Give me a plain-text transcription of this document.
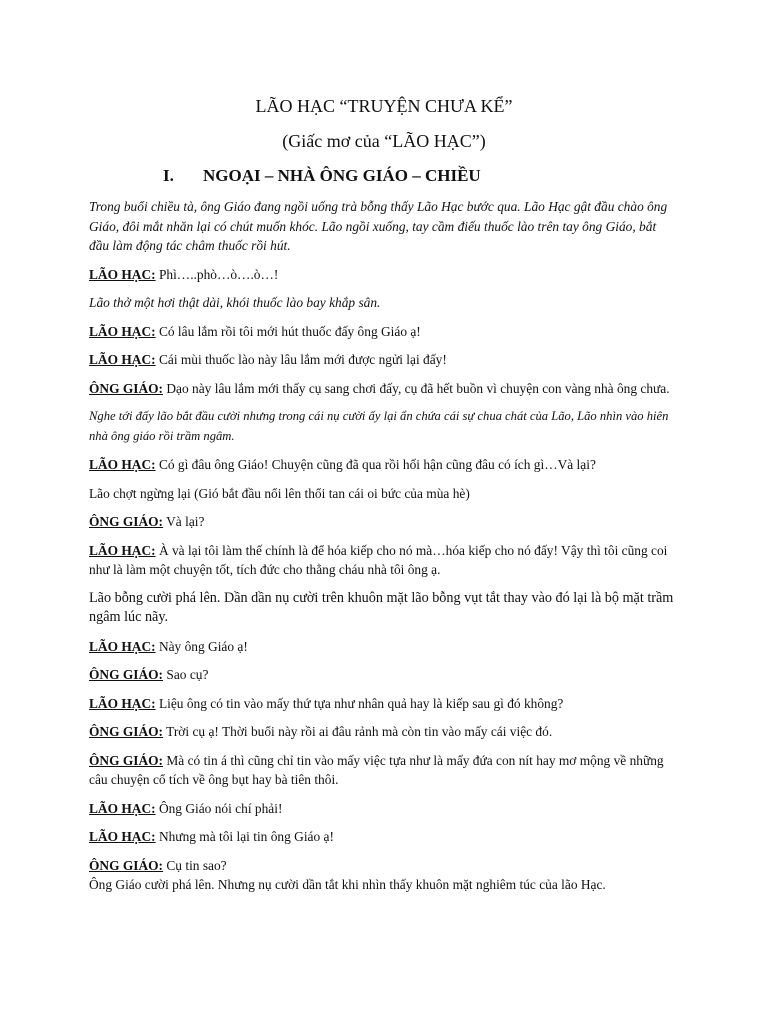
LÃO HẠC “TRUYỆN CHƯA KỂ”
(Giấc mơ của “LÃO HẠC”)
I. NGOẠI – NHÀ ÔNG GIÁO – CHIỀU

Trong buổi chiều tà, ông Giáo đang ngồi uống trà bỗng thấy Lão Hạc bước qua. Lão Hạc gật đầu chào ông Giáo, đôi mắt nhăn lại có chút muốn khóc. Lão ngồi xuống, tay cầm điếu thuốc lào trên tay ông Giáo, bắt đầu làm động tác châm thuốc rồi hút.

LÃO HẠC: Phì…..phò…ò….ò…!

Lão thở một hơi thật dài, khói thuốc lào bay khắp sân.

LÃO HẠC: Có lâu lắm rồi tôi mới hút thuốc đấy ông Giáo ạ!

LÃO HẠC: Cái mùi thuốc lào này lâu lắm mới được ngửi lại đấy!

ÔNG GIÁO: Dạo này lâu lắm mới thấy cụ sang chơi đấy, cụ đã hết buồn vì chuyện con vàng nhà ông chưa.

Nghe tới đấy lão bắt đầu cười nhưng trong cái nụ cười ấy lại ẩn chứa cái sự chua chát của Lão, Lão nhìn vào hiên nhà ông giáo rồi trầm ngâm.

LÃO HẠC: Có gì đâu ông Giáo! Chuyện cũng đã qua rồi hối hận cũng đâu có ích gì…Và lại?

Lão chợt ngừng lại (Gió bắt đầu nổi lên thổi tan cái oi bức của mùa hè)

ÔNG GIÁO: Và lại?

LÃO HẠC: À và lại tôi làm thế chính là để hóa kiếp cho nó mà…hóa kiếp cho nó đấy! Vậy thì tôi cũng coi như là làm một chuyện tốt, tích đức cho thằng cháu nhà tôi ông ạ.

Lão bỗng cười phá lên. Dần dần nụ cười trên khuôn mặt lão bỗng vụt tắt thay vào đó lại là bộ mặt trầm ngâm lúc nãy.

LÃO HẠC: Này ông Giáo ạ!

ÔNG GIÁO: Sao cụ?

LÃO HẠC: Liệu ông có tin vào mấy thứ tựa như nhân quả hay là kiếp sau gì đó không?

ÔNG GIÁO: Trời cụ ạ! Thời buổi này rồi ai đâu rảnh mà còn tin vào mấy cái việc đó.

ÔNG GIÁO: Mà có tin á thì cũng chỉ tin vào mấy việc tựa như là mấy đứa con nít hay mơ mộng về những câu chuyện cổ tích về ông bụt hay bà tiên thôi.

LÃO HẠC: Ông Giáo nói chí phải!

LÃO HẠC: Nhưng mà tôi lại tin ông Giáo ạ!

ÔNG GIÁO: Cụ tin sao?

Ông Giáo cười phá lên. Nhưng nụ cười dần tắt khi nhìn thấy khuôn mặt nghiêm túc của lão Hạc.
